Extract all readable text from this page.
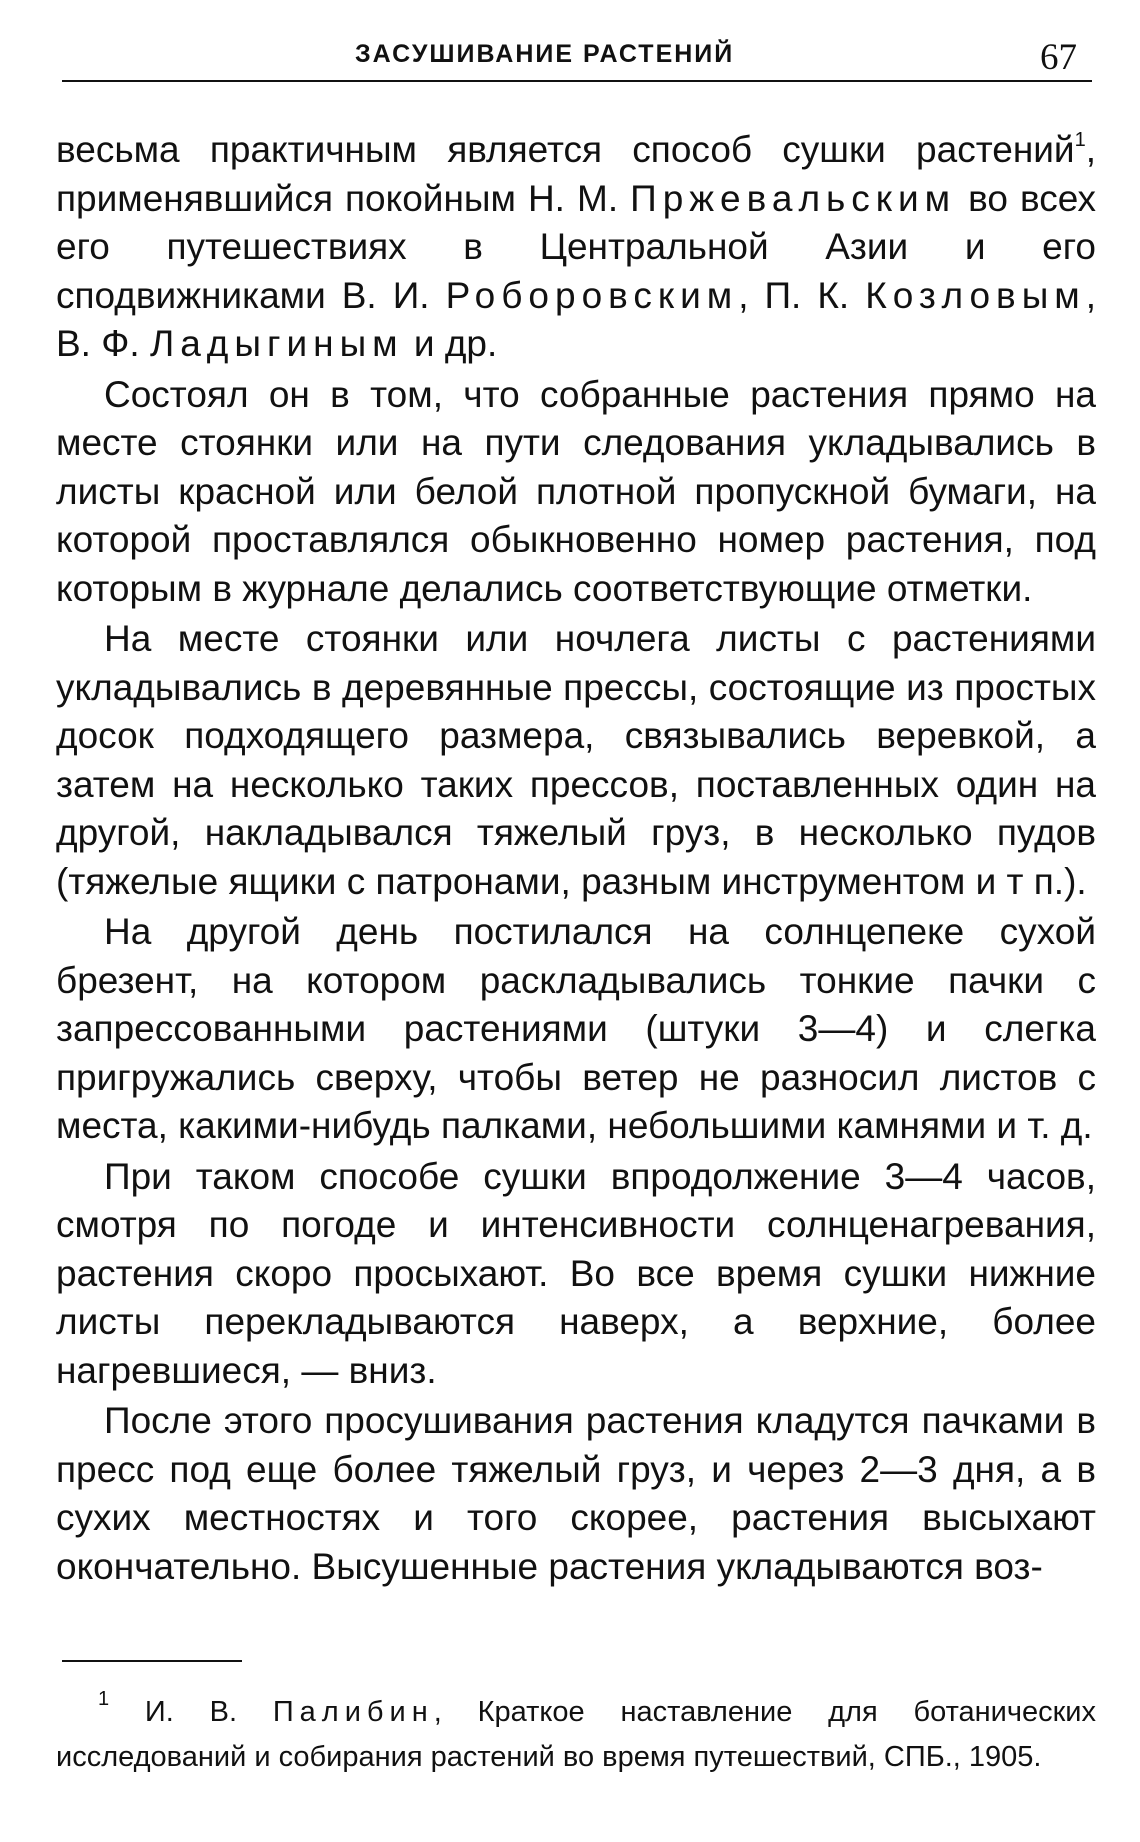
ЗАСУШИВАНИЕ РАСТЕНИЙ	67

весьма практичным является способ сушки растений$^1$, применявшийся покойным Н. М. Пржевальским во всех его путешествиях в Центральной Азии и его сподвижниками В. И. Роборовским, П. К. Козловым, В. Ф. Ладыгиным и др.

Состоял он в том, что собранные растения прямо на месте стоянки или на пути следования укладывались в листы красной или белой плотной пропускной бумаги, на которой проставлялся обыкновенно номер растения, под которым в журнале делались соответствующие отметки.

На месте стоянки или ночлега листы с растениями укладывались в деревянные прессы, состоящие из простых досок подходящего размера, связывались веревкой, а затем на несколько таких прессов, поставленных один на другой, накладывался тяжелый груз, в несколько пудов (тяжелые ящики с патронами, разным инструментом и т п.).

На другой день постилался на солнцепеке сухой брезент, на котором раскладывались тонкие пачки с запрессованными растениями (штуки 3—4) и слегка пригружались сверху, чтобы ветер не разносил листов с места, какими-нибудь палками, небольшими камнями и т. д.

При таком способе сушки впродолжение 3—4 часов, смотря по погоде и интенсивности солнценагревания, растения скоро просыхают. Во все время сушки нижние листы перекладываются наверх, а верхние, более нагревшиеся, — вниз.

После этого просушивания растения кладутся пачками в пресс под еще более тяжелый груз, и через 2—3 дня, а в сухих местностях и того скорее, растения высыхают окончательно. Высушенные растения укладываются воз-

$^1$ И. В. Палибин, Краткое наставление для ботанических исследований и собирания растений во время путешествий, СПБ., 1905.
